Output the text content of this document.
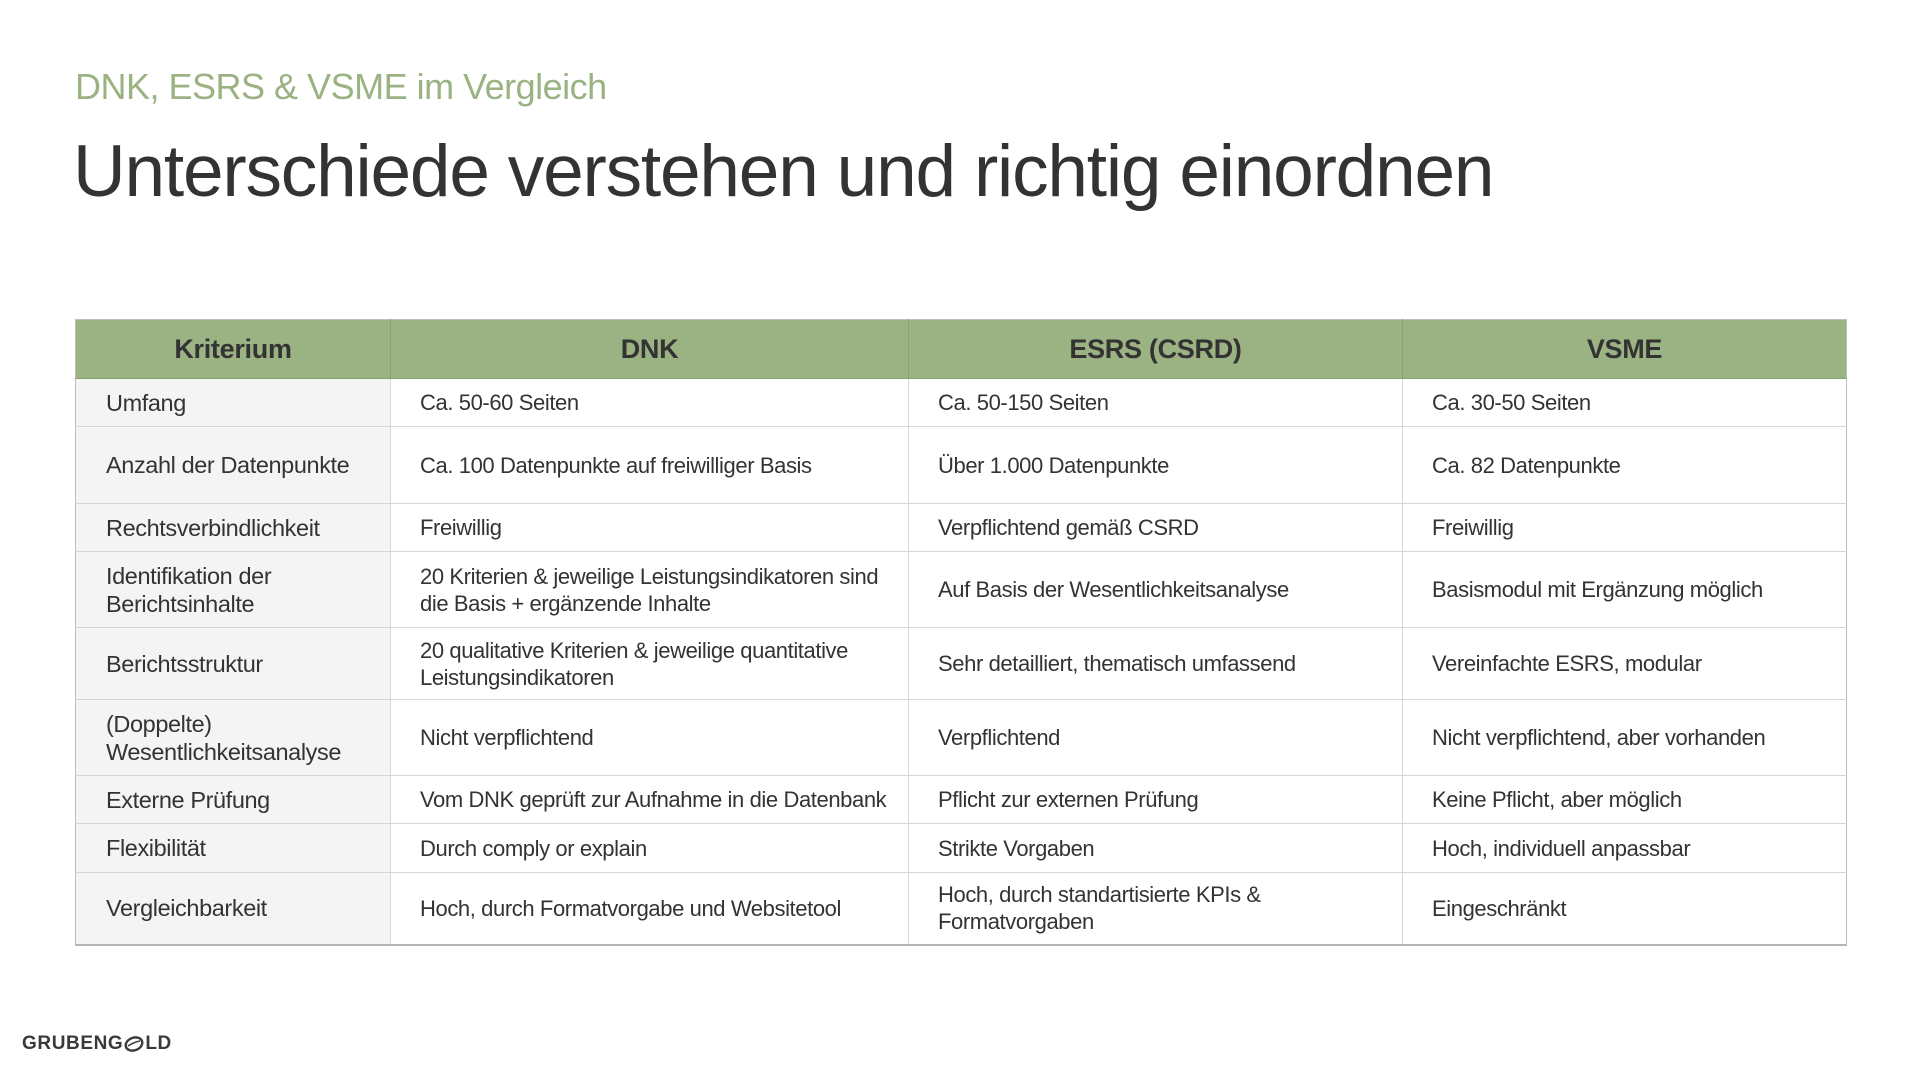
DNK, ESRS & VSME im Vergleich
Unterschiede verstehen und richtig einordnen
Kriterium	DNK	ESRS (CSRD)	VSME
Umfang	Ca. 50-60 Seiten	Ca. 50-150 Seiten	Ca. 30-50 Seiten
Anzahl der Datenpunkte	Ca. 100 Datenpunkte auf freiwilliger Basis	Über 1.000 Datenpunkte	Ca. 82 Datenpunkte
Rechtsverbindlichkeit	Freiwillig	Verpflichtend gemäß CSRD	Freiwillig
Identifikation der Berichtsinhalte	20 Kriterien & jeweilige Leistungsindikatoren sind die Basis + ergänzende Inhalte	Auf Basis der Wesentlichkeitsanalyse	Basismodul mit Ergänzung möglich
Berichtsstruktur	20 qualitative Kriterien & jeweilige quantitative Leistungsindikatoren	Sehr detailliert, thematisch umfassend	Vereinfachte ESRS, modular
(Doppelte) Wesentlichkeitsanalyse	Nicht verpflichtend	Verpflichtend	Nicht verpflichtend, aber vorhanden
Externe Prüfung	Vom DNK geprüft zur Aufnahme in die Datenbank	Pflicht zur externen Prüfung	Keine Pflicht, aber möglich
Flexibilität	Durch comply or explain	Strikte Vorgaben	Hoch, individuell anpassbar
Vergleichbarkeit	Hoch, durch Formatvorgabe und Websitetool	Hoch, durch standartisierte KPIs & Formatvorgaben	Eingeschränkt
GRUBENG LD
